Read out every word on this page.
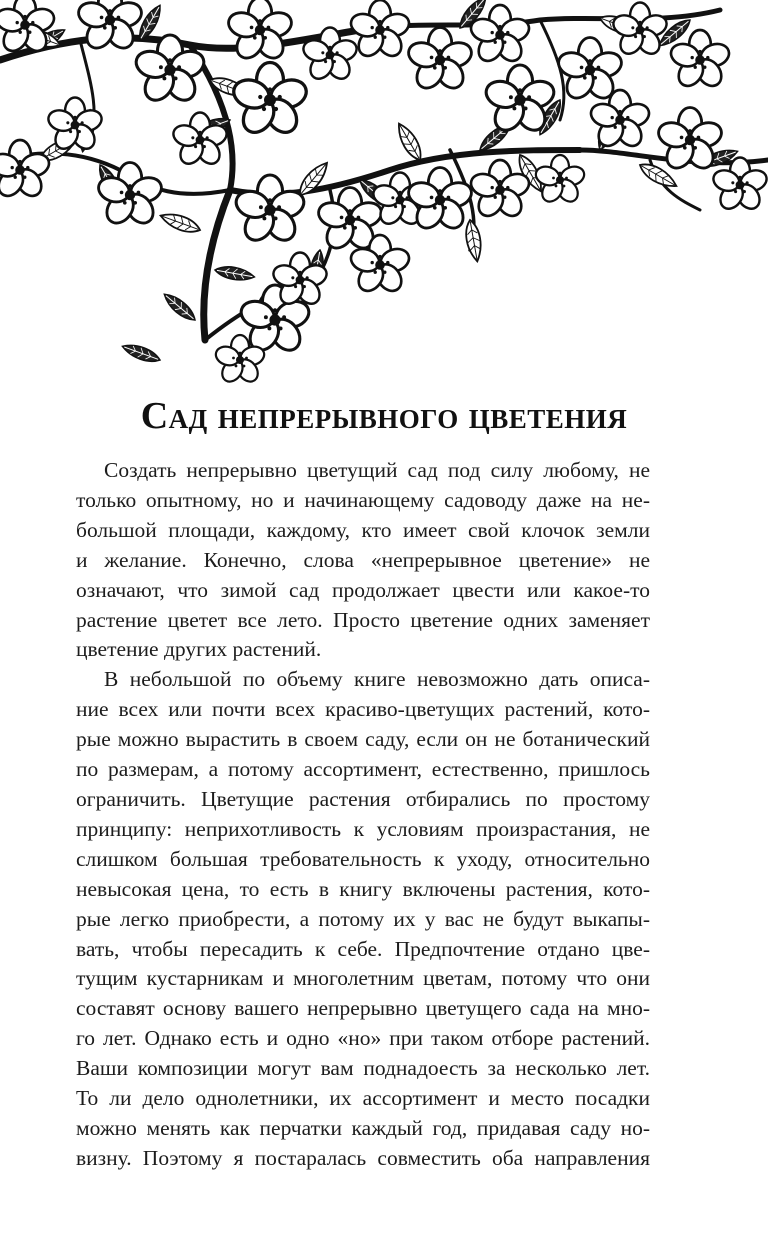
Сад непрерывного цветения

Создать непрерывно цветущий сад под силу любому, не

только опытному, но и начинающему садоводу даже на не-

большой площади, каждому, кто имеет свой клочок земли

и желание. Конечно, слова «непрерывное цветение» не

означают, что зимой сад продолжает цвести или какое-то

растение цветет все лето. Просто цветение одних заменяет

цветение других растений.

В небольшой по объему книге невозможно дать описа-

ние всех или почти всех красиво-цветущих растений, кото-

рые можно вырастить в своем саду, если он не ботанический

по размерам, а потому ассортимент, естественно, пришлось

ограничить. Цветущие растения отбирались по простому

принципу: неприхотливость к условиям произрастания, не

слишком большая требовательность к уходу, относительно

невысокая цена, то есть в книгу включены растения, кото-

рые легко приобрести, а потому их у вас не будут выкапы-

вать, чтобы пересадить к себе. Предпочтение отдано цве-

тущим кустарникам и многолетним цветам, потому что они

составят основу вашего непрерывно цветущего сада на мно-

го лет. Однако есть и одно «но» при таком отборе растений.

Ваши композиции могут вам поднадоесть за несколько лет.

То ли дело однолетники, их ассортимент и место посадки

можно менять как перчатки каждый год, придавая саду но-

визну. Поэтому я постаралась совместить оба направления
